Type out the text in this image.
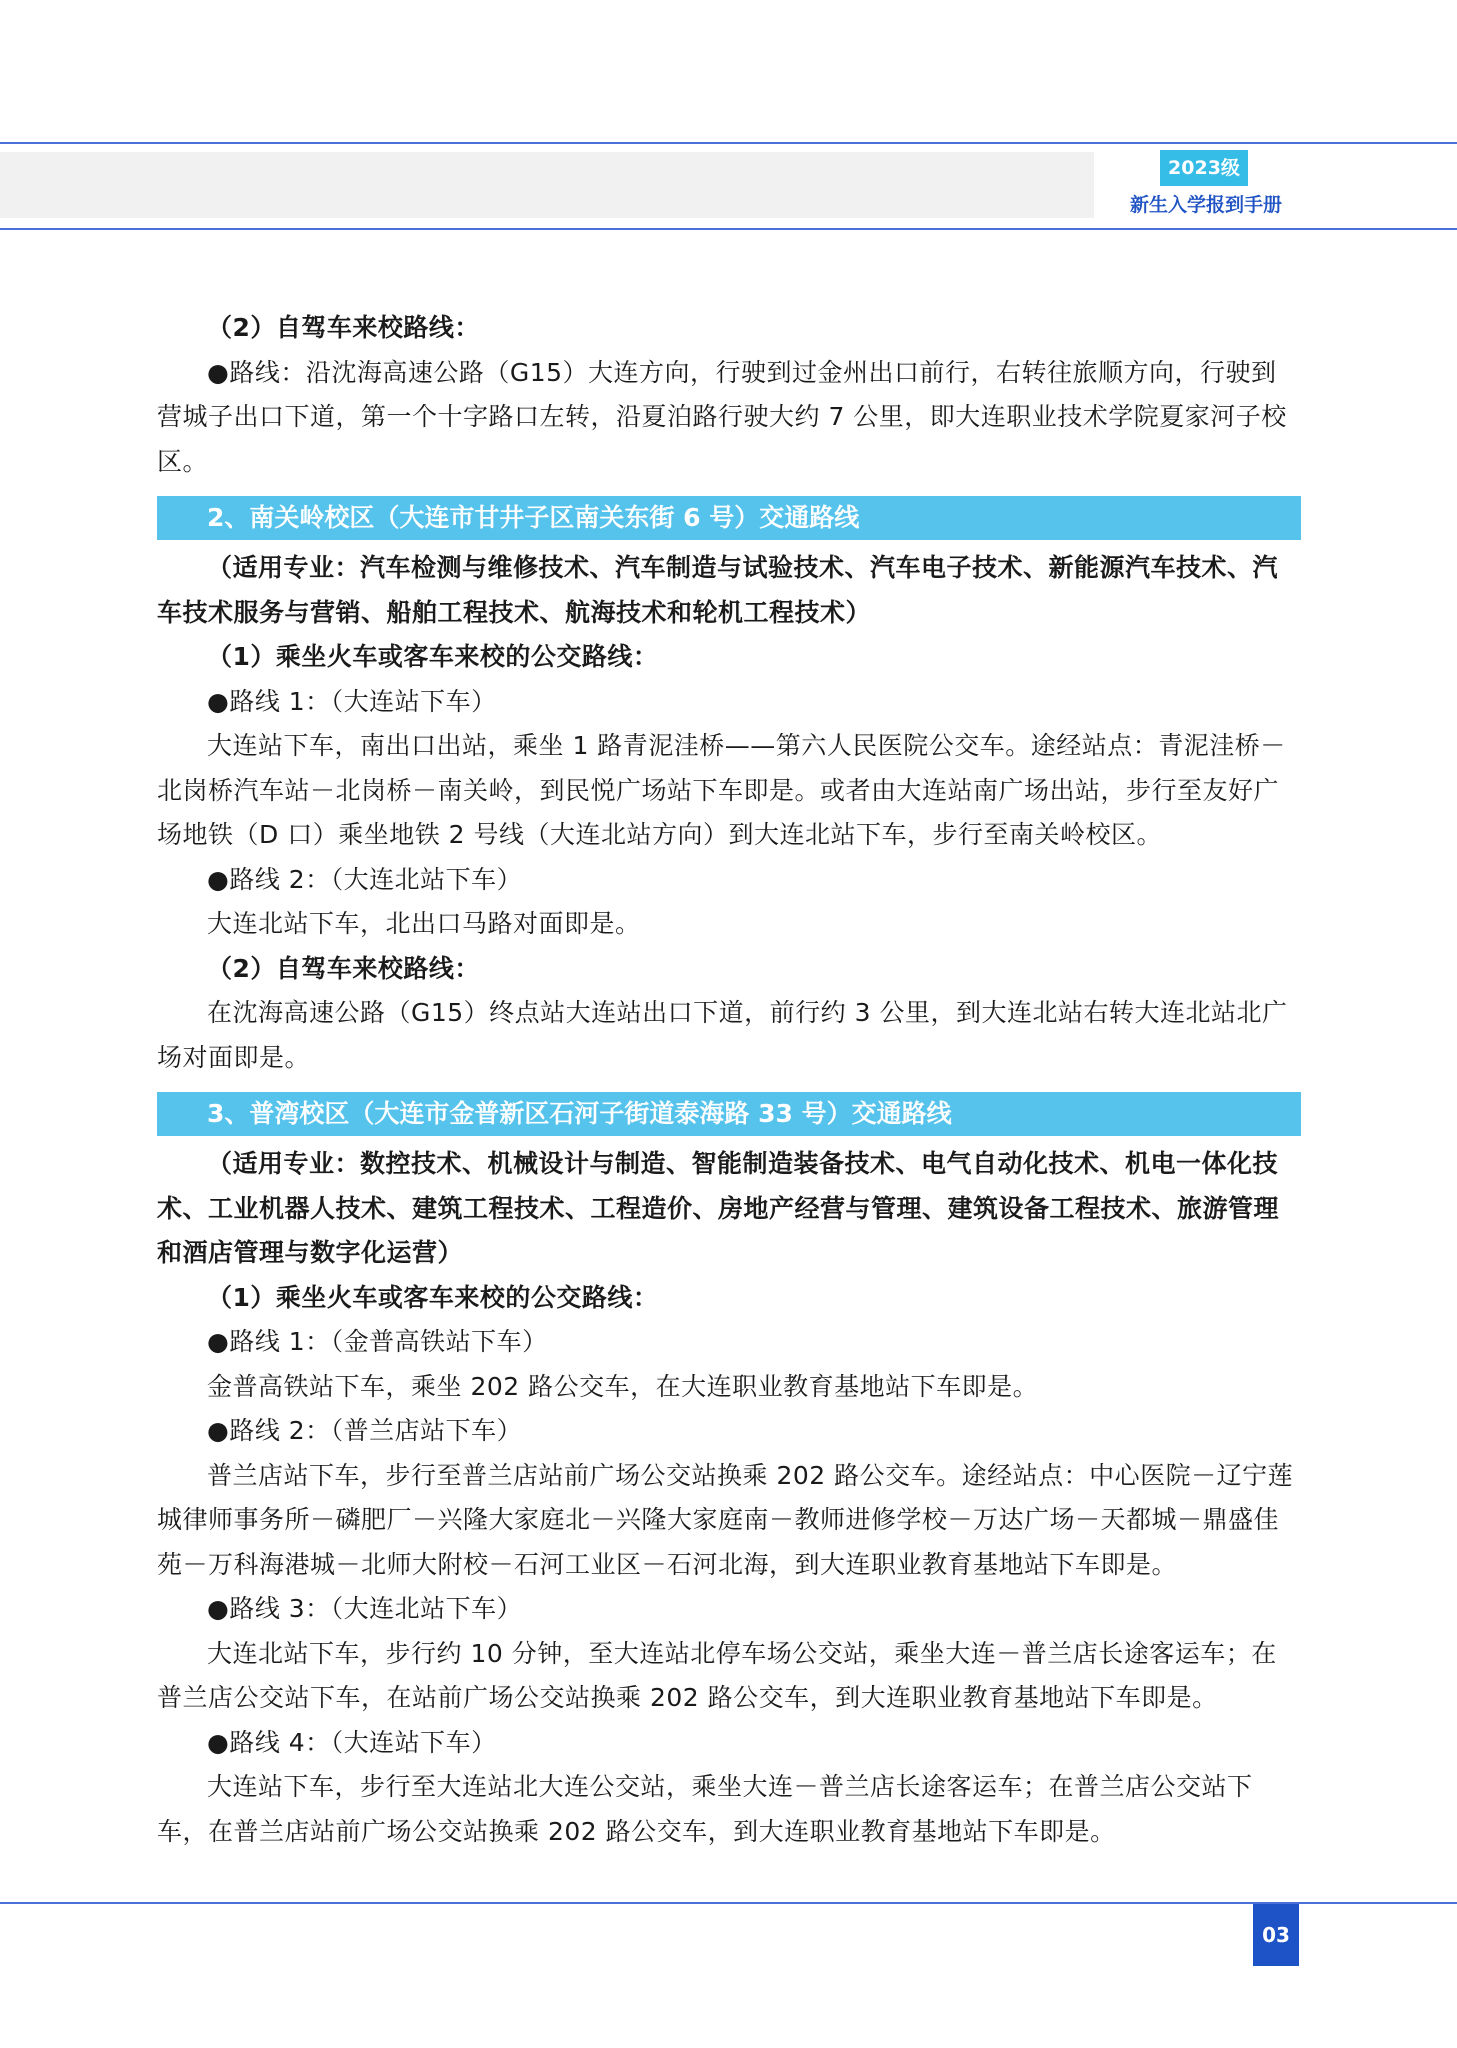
2023级
新生入学报到手册

（2）自驾车来校路线：

●路线：沿沈海高速公路（G15）大连方向，行驶到过金州出口前行，右转往旅顺方向，行驶到营城子出口下道，第一个十字路口左转，沿夏泊路行驶大约 7 公里，即大连职业技术学院夏家河子校区。

2、南关岭校区（大连市甘井子区南关东街 6 号）交通路线

（适用专业：汽车检测与维修技术、汽车制造与试验技术、汽车电子技术、新能源汽车技术、汽车技术服务与营销、船舶工程技术、航海技术和轮机工程技术）

（1）乘坐火车或客车来校的公交路线：

●路线 1：（大连站下车）

大连站下车，南出口出站，乘坐 1 路青泥洼桥——第六人民医院公交车。途经站点：青泥洼桥－北岗桥汽车站－北岗桥－南关岭，到民悦广场站下车即是。或者由大连站南广场出站，步行至友好广场地铁（D 口）乘坐地铁 2 号线（大连北站方向）到大连北站下车，步行至南关岭校区。

●路线 2：（大连北站下车）

大连北站下车，北出口马路对面即是。

（2）自驾车来校路线：

在沈海高速公路（G15）终点站大连站出口下道，前行约 3 公里，到大连北站右转大连北站北广场对面即是。

3、普湾校区（大连市金普新区石河子街道泰海路 33 号）交通路线

（适用专业：数控技术、机械设计与制造、智能制造装备技术、电气自动化技术、机电一体化技术、工业机器人技术、建筑工程技术、工程造价、房地产经营与管理、建筑设备工程技术、旅游管理和酒店管理与数字化运营）

（1）乘坐火车或客车来校的公交路线：

●路线 1：（金普高铁站下车）

金普高铁站下车，乘坐 202 路公交车，在大连职业教育基地站下车即是。

●路线 2：（普兰店站下车）

普兰店站下车，步行至普兰店站前广场公交站换乘 202 路公交车。途经站点：中心医院－辽宁莲城律师事务所－磷肥厂－兴隆大家庭北－兴隆大家庭南－教师进修学校－万达广场－天都城－鼎盛佳苑－万科海港城－北师大附校－石河工业区－石河北海，到大连职业教育基地站下车即是。

●路线 3：（大连北站下车）

大连北站下车，步行约 10 分钟，至大连站北停车场公交站，乘坐大连－普兰店长途客运车；在普兰店公交站下车，在站前广场公交站换乘 202 路公交车，到大连职业教育基地站下车即是。

●路线 4：（大连站下车）

大连站下车，步行至大连站北大连公交站，乘坐大连－普兰店长途客运车；在普兰店公交站下车，在普兰店站前广场公交站换乘 202 路公交车，到大连职业教育基地站下车即是。

03
